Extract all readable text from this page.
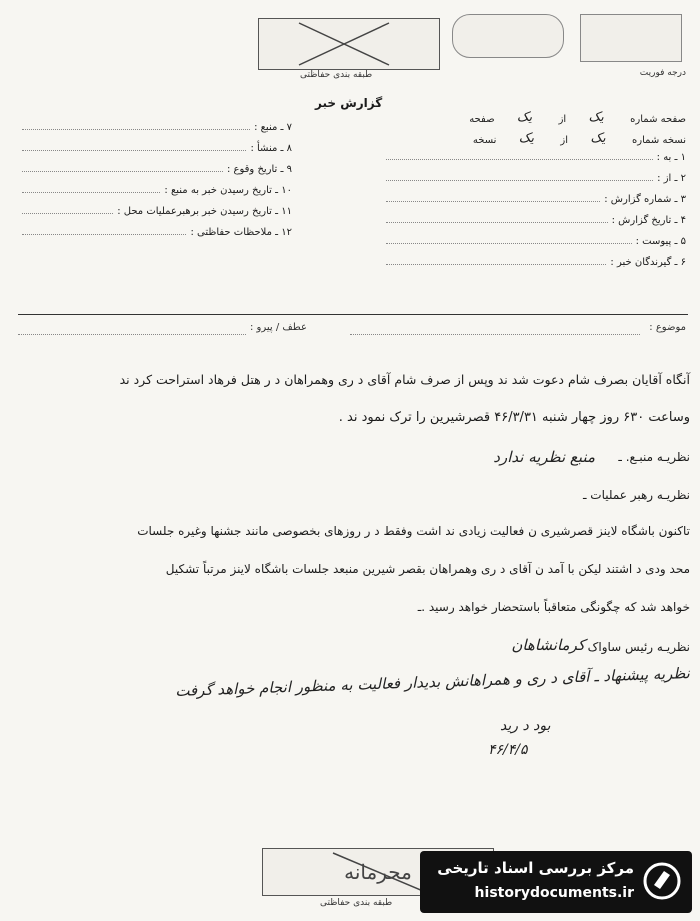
طبقه بندی حفاظتی	درجه فوریت
گزارش خبر
۷ ـ منبع :
۸ ـ منشأ :
۹ ـ تاریخ وقوع :
۱۰ ـ تاریخ رسیدن خبر به منبع :
۱۱ ـ تاریخ رسیدن خبر برهبرعملیات محل :
۱۲ ـ ملاحظات حفاظتی :
صفحه شماره
یک
از
یک
صفحه
نسخه شماره
یک
از
یک
نسخه
۱ ـ به :
۲ ـ از :
۳ ـ شماره گزارش :
۴ ـ تاریخ گزارش :
۵ ـ پیوست :
۶ ـ گیرندگان خبر :
موضوع :
عطف / پیرو :
آنگاه آقایان بصرف شام دعوت شد ند وپس از صرف شام آقای د ری وهمراهان د ر هتل فرهاد استراحت کرد ند
وساعت ۶۳۰ روز چهار شنبه ۴۶/۳/۳۱ قصرشیرین را ترک نمود ند .
نظریـه منبـع. ـ
منبع نظریه ندارد
نظریـه رهبر عملیات ـ
تاکنون باشگاه لاینز قصرشیری ن فعالیت زیادی ند اشت وفقط د ر روزهای بخصوصی مانند جشنها وغیره جلسات
محد ودی د اشتند لیکن با آمد ن آقای د ری وهمراهان بقصر شیرین منبعد جلسات باشگاه لاینز مرتباً تشکیل
خواهد شد که چگونگی متعاقباً باستحضار خواهد رسید .ـ
نظریـه رئیس ساواک
کرمانشاهان
نظریه پیشنهاد ـ آقای د ری و همراهانش بدیدار فعالیت به منظور انجام خواهد گرفت
بود د رید
۴۶/۴/۵
محرمانه
طبقه بندی حفاظتی
مرکز بررسی اسناد تاریخی
historydocuments.ir
